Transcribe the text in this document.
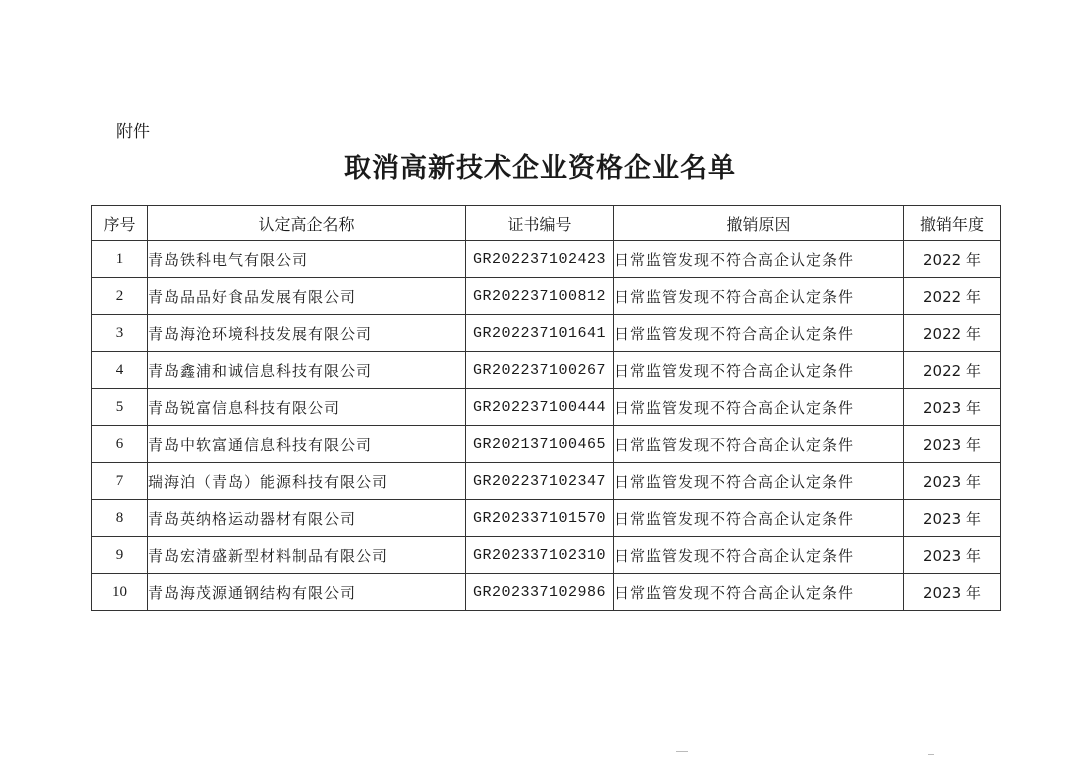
附件
取消高新技术企业资格企业名单
序号	认定高企名称	证书编号	撤销原因	撤销年度
1	青岛铁科电气有限公司	GR202237102423	日常监管发现不符合高企认定条件	2022 年
2	青岛品品好食品发展有限公司	GR202237100812	日常监管发现不符合高企认定条件	2022 年
3	青岛海沧环境科技发展有限公司	GR202237101641	日常监管发现不符合高企认定条件	2022 年
4	青岛鑫浦和诚信息科技有限公司	GR202237100267	日常监管发现不符合高企认定条件	2022 年
5	青岛锐富信息科技有限公司	GR202237100444	日常监管发现不符合高企认定条件	2023 年
6	青岛中软富通信息科技有限公司	GR202137100465	日常监管发现不符合高企认定条件	2023 年
7	瑞海泊（青岛）能源科技有限公司	GR202237102347	日常监管发现不符合高企认定条件	2023 年
8	青岛英纳格运动器材有限公司	GR202337101570	日常监管发现不符合高企认定条件	2023 年
9	青岛宏清盛新型材料制品有限公司	GR202337102310	日常监管发现不符合高企认定条件	2023 年
10	青岛海茂源通钢结构有限公司	GR202337102986	日常监管发现不符合高企认定条件	2023 年
